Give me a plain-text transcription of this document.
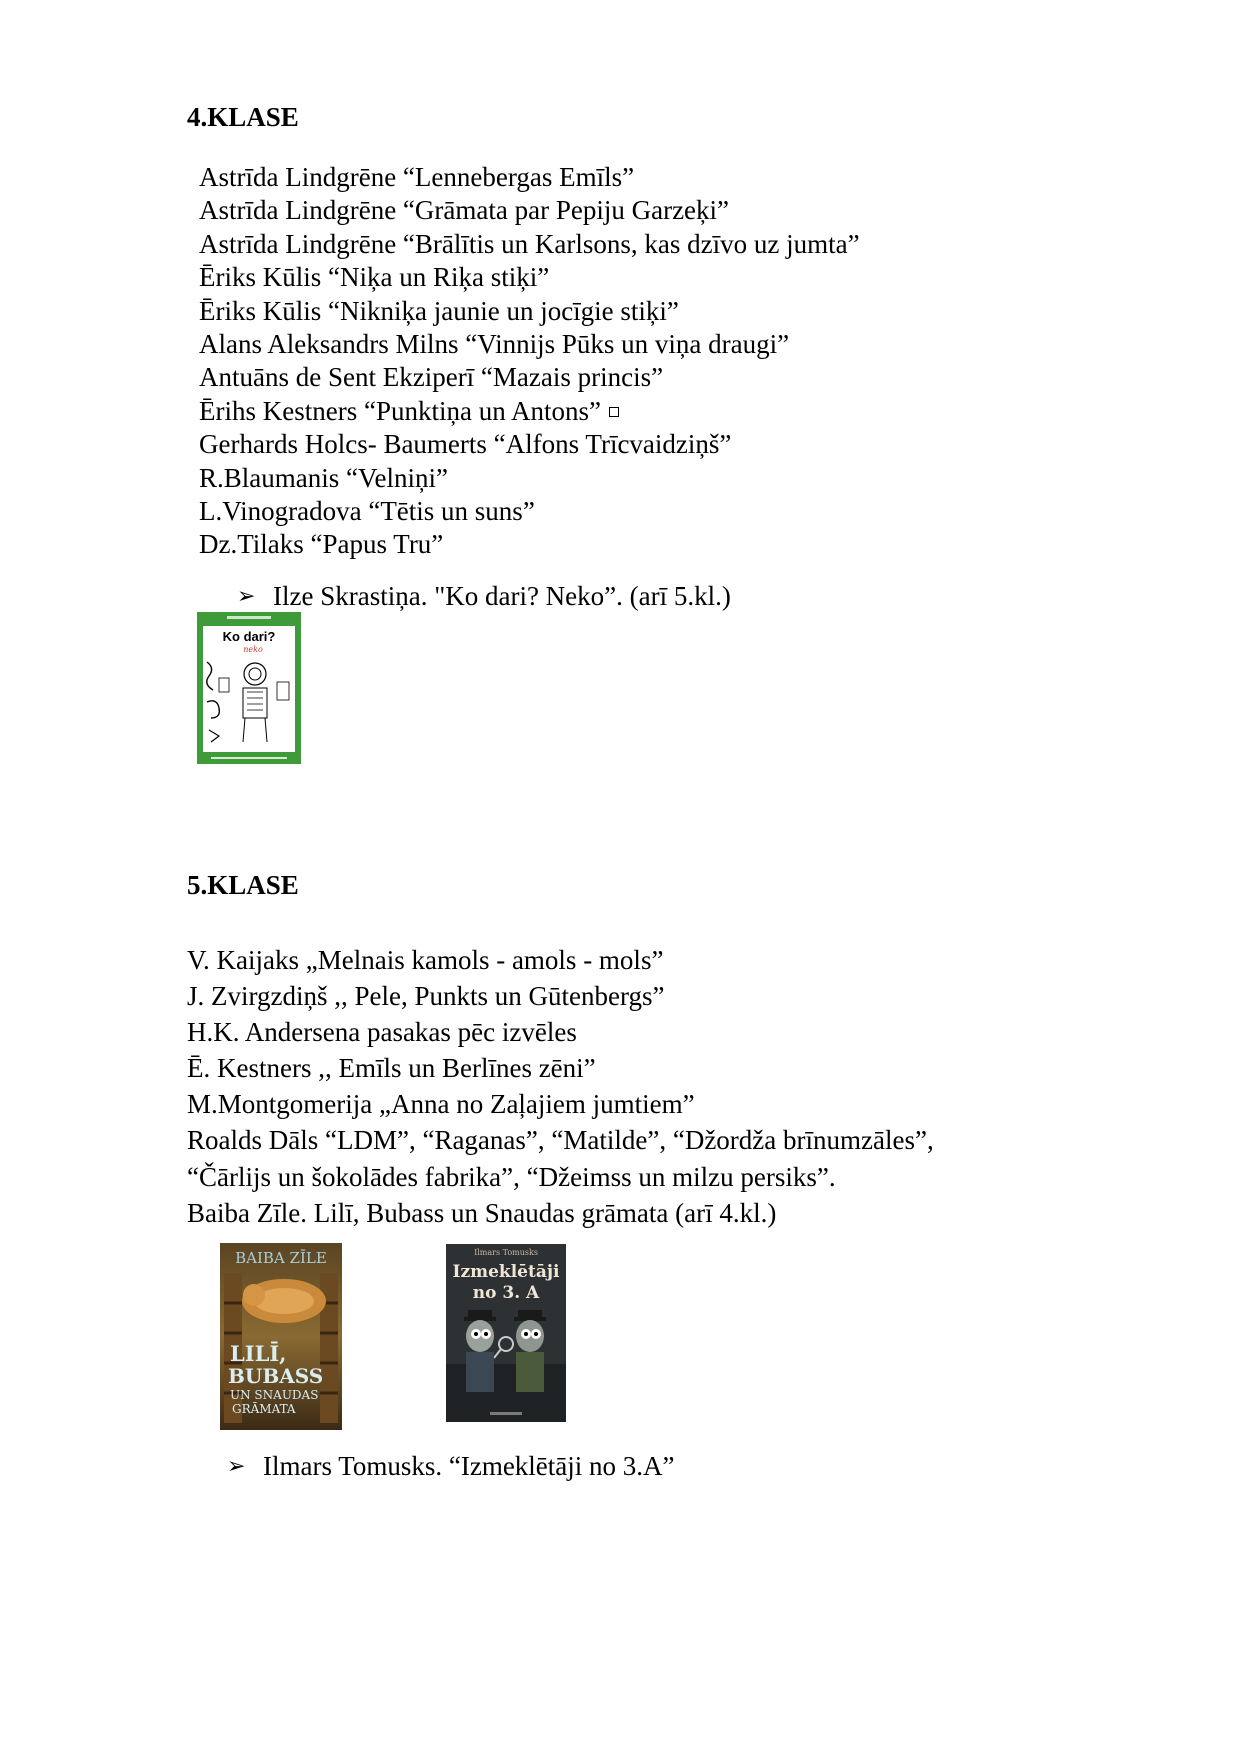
4.KLASE
Astrīda Lindgrēne “Lennebergas Emīls”
Astrīda Lindgrēne “Grāmata par Pepiju Garzeķi”
Astrīda Lindgrēne “Brālītis un Karlsons, kas dzīvo uz jumta”
Ēriks Kūlis “Niķa un Riķa stiķi”
Ēriks Kūlis “Nikniķa jaunie un jocīgie stiķi”
Alans Aleksandrs Milns “Vinnijs Pūks un viņa draugi”
Antuāns de Sent Ekziperī “Mazais princis”
Ērihs Kestners “Punktiņa un Antons”
Gerhards Holcs- Baumerts “Alfons Trīcvaidziņš”
R.Blaumanis “Velniņi”
L.Vinogradova “Tētis un suns”
Dz.Tilaks “Papus Tru”
➢ Ilze Skrastiņa. "Ko dari? Neko”. (arī 5.kl.)
Ko dari?
neko
5.KLASE
V. Kaijaks „Melnais kamols - amols - mols”
J. Zvirgzdiņš ,, Pele, Punkts un Gūtenbergs”
H.K. Andersena pasakas pēc izvēles
Ē. Kestners ,, Emīls un Berlīnes zēni”
M.Montgomerija „Anna no Zaļajiem jumtiem”
Roalds Dāls “LDM”, “Raganas”, “Matilde”, “Džordža brīnumzāles”,
“Čārlijs un šokolādes fabrika”, “Džeimss un milzu persiks”.
Baiba Zīle. Lilī, Bubass un Snaudas grāmata (arī 4.kl.)
BAIBA ZĪLE
LILĪ,
BUBASS
UN SNAUDAS
GRĀMATA
Ilmars Tomusks
Izmeklētāji
no 3. A
➢ Ilmars Tomusks. “Izmeklētāji no 3.A”
